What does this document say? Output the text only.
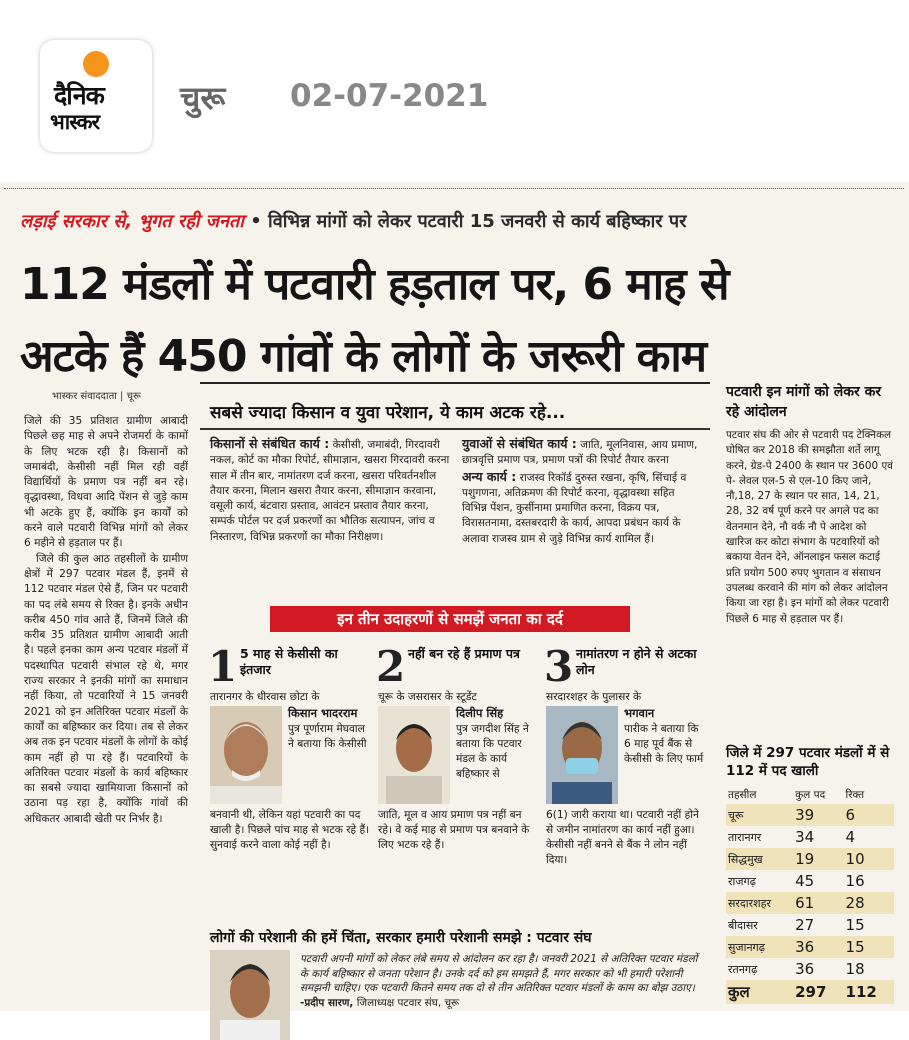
दैनिक
भास्कर
चुरू 02-07-2021
लड़ाई सरकार से, भुगत रही जनता • विभिन्न मांगों को लेकर पटवारी 15 जनवरी से कार्य बहिष्कार पर
112 मंडलों में पटवारी हड़ताल पर, 6 माह से
अटके हैं 450 गांवों के लोगों के जरूरी काम
भास्कर संवाददाता | चूरू

जिले की 35 प्रतिशत ग्रामीण आबादी पिछले छह माह से अपने रोजमर्रा के कामों के लिए भटक रही है। किसानों को जमाबंदी, केसीसी नहीं मिल रही वहीं विद्यार्थियों के प्रमाण पत्र नहीं बन रहे। वृद्धावस्था, विधवा आदि पेंशन से जुड़े काम भी अटके हुए हैं, क्योंकि इन कार्यों को करने वाले पटवारी विभिन्न मांगों को लेकर 6 महीने से हड़ताल पर हैं।

जिले की कुल आठ तहसीलों के ग्रामीण क्षेत्रों में 297 पटवार मंडल हैं, इनमें से 112 पटवार मंडल ऐसे हैं, जिन पर पटवारी का पद लंबे समय से रिक्त है। इनके अधीन करीब 450 गांव आते हैं, जिनमें जिले की करीब 35 प्रतिशत ग्रामीण आबादी आती है। पहले इनका काम अन्य पटवार मंडलों में पदस्थापित पटवारी संभाल रहे थे, मगर राज्य सरकार ने इनकी मांगों का समाधान नहीं किया, तो पटवारियों ने 15 जनवरी 2021 को इन अतिरिक्त पटवार मंडलों के कार्यों का बहिष्कार कर दिया। तब से लेकर अब तक इन पटवार मंडलों के लोगों के कोई काम नहीं हो पा रहे हैं। पटवारियों के अतिरिक्त पटवार मंडलों के कार्य बहिष्कार का सबसे ज्यादा खामियाजा किसानों को उठाना पड़ रहा है, क्योंकि गांवों की अधिकतर आबादी खेती पर निर्भर है।

सबसे ज्यादा किसान व युवा परेशान, ये काम अटक रहे...
किसानों से संबंधित कार्य : केसीसी, जमाबंदी, गिरदावरी नकल, कोर्ट का मौका रिपोर्ट, सीमाज्ञान, खसरा गिरदावरी करना साल में तीन बार, नामांतरण दर्ज करना, खसरा परिवर्तनशील तैयार करना, मिलान खसरा तैयार करना, सीमाज्ञान करवाना, वसूली कार्य, बंटवारा प्रस्ताव, आवंटन प्रस्ताव तैयार करना, सम्पर्क पोर्टल पर दर्ज प्रकरणों का भौतिक सत्यापन, जांच व निस्तारण, विभिन्न प्रकरणों का मौका निरीक्षण।
युवाओं से संबंधित कार्य : जाति, मूलनिवास, आय प्रमाण, छात्रवृत्ति प्रमाण पत्र, प्रमाण पत्रों की रिपोर्ट तैयार करना
अन्य कार्य : राजस्व रिकॉर्ड दुरुस्त रखना, कृषि, सिंचाई व पशुगणना, अतिक्रमण की रिपोर्ट करना, वृद्धावस्था सहित विभिन्न पेंशन, कुर्सीनामा प्रमाणित करना, विक्रय पत्र, विरासतनामा, दस्तबरदारी के कार्य, आपदा प्रबंधन कार्य के अलावा राजस्व ग्राम से जुड़े विभिन्न कार्य शामिल हैं।
इन तीन उदाहरणों से समझें जनता का दर्द
1 5 माह से केसीसी का इंतजार
तारानगर के धीरवास छोटा के
किसान भादरराम
पुत्र पूर्णाराम मेघवाल ने बताया कि केसीसी
बनवानी थी, लेकिन यहां पटवारी का पद खाली है। पिछले पांच माह से भटक रहे हैं। सुनवाई करने वाला कोई नहीं है।
2 नहीं बन रहे हैं प्रमाण पत्र
चूरू के जसरासर के स्टूडेंट
दिलीप सिंह
पुत्र जगदीश सिंह ने बताया कि पटवार मंडल के कार्य बहिष्कार से
जाति, मूल व आय प्रमाण पत्र नहीं बन रहे। वे कई माह से प्रमाण पत्र बनवाने के लिए भटक रहे हैं।
3 नामांतरण न होने से अटका लोन
सरदारशहर के पुलासर के
भगवान
पारीक ने बताया कि 6 माह पूर्व बैंक से केसीसी के लिए फार्म
6(1) जारी कराया था। पटवारी नहीं होने से जमीन नामांतरण का कार्य नहीं हुआ। केसीसी नहीं बनने से बैंक ने लोन नहीं दिया।
लोगों की परेशानी की हमें चिंता, सरकार हमारी परेशानी समझे : पटवार संघ
पटवारी अपनी मांगों को लेकर लंबे समय से आंदोलन कर रहा है। जनवरी 2021 से अतिरिक्त पटवार मंडलों के कार्य बहिष्कार से जनता परेशान है। उनके दर्द को हम समझते हैं, मगर सरकार को भी हमारी परेशानी समझनी चाहिए। एक पटवारी कितने समय तक दो से तीन अतिरिक्त पटवार मंडलों के काम का बोझ उठाए।
-प्रदीप सारण, जिलाध्यक्ष पटवार संघ, चूरू
पटवारी इन मांगों को लेकर कर रहे आंदोलन
पटवार संघ की ओर से पटवारी पद टेक्निकल घोषित कर 2018 की समझौता शर्ते लागू करने, ग्रेड-पे 2400 के स्थान पर 3600 एवं पे- लेवल एल-5 से एल-10 किए जाने, नौ,18, 27 के स्थान पर सात, 14, 21, 28, 32 वर्ष पूर्ण करने पर अगले पद का वेतनमान देने, नौ वर्क नौ पे आदेश को खारिज कर कोटा संभाग के पटवारियों को बकाया वेतन देने, ऑनलाइन फसल कटाई प्रति प्रयोग 500 रुपए भुगतान व संसाधन उपलब्ध करवाने की मांग को लेकर आंदोलन किया जा रहा है। इन मांगों को लेकर पटवारी पिछले 6 माह से हड़ताल पर हैं।
जिले में 297 पटवार मंडलों में से 112 में पद खाली
तहसील	कुल पद	रिक्त
चूरू	39	6
तारानगर	34	4
सिद्धमुख	19	10
राजगढ़	45	16
सरदारशहर	61	28
बीदासर	27	15
सुजानगढ़	36	15
रतनगढ़	36	18
कुल	297	112
